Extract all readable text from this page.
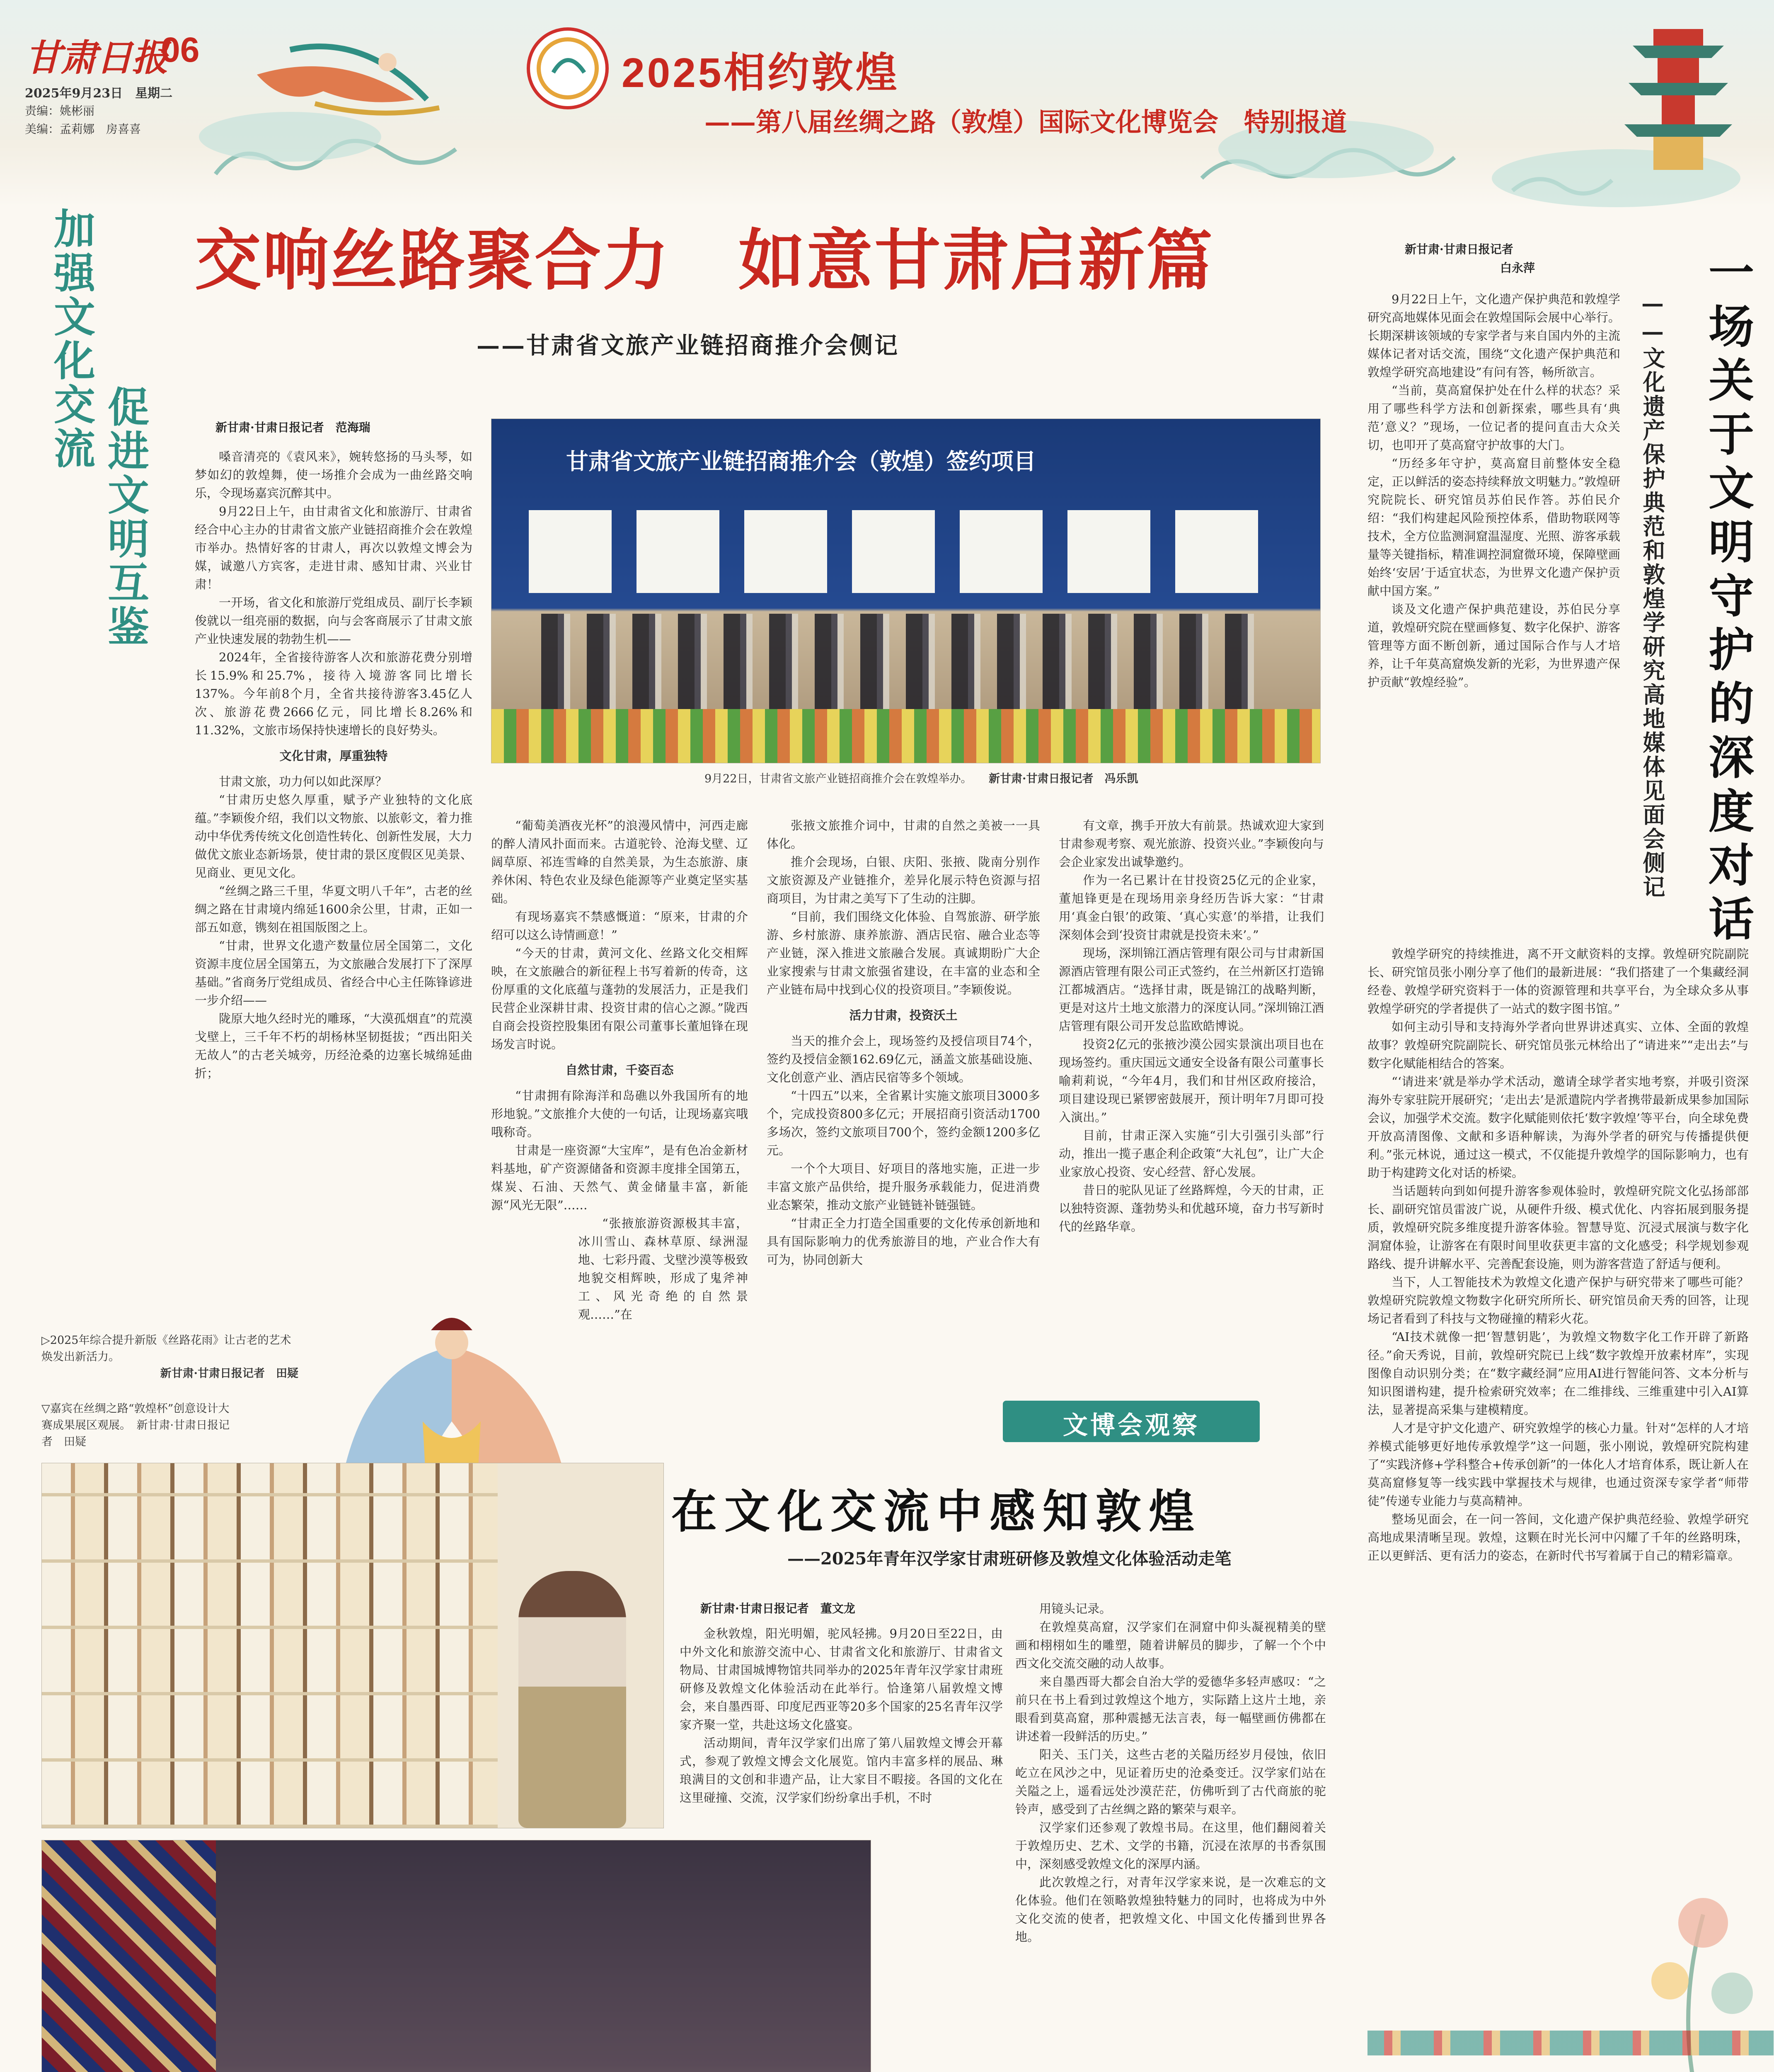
甘肃日报
06
2025年9月23日　 星期二
责编：姚彬丽
美编：孟莉娜　房喜喜
2025相约敦煌
——第八届丝绸之路（敦煌）国际文化博览会　特别报道
加强文化交流
促进文明互鉴
交响丝路聚合力　如意甘肃启新篇
——甘肃省文旅产业链招商推介会侧记
新甘肃·甘肃日报记者　范海瑞

嗓音清亮的《袁风来》，婉转悠扬的马头琴，如梦如幻的敦煌舞，使一场推介会成为一曲丝路交响乐，令现场嘉宾沉醉其中。

9月22日上午，由甘肃省文化和旅游厅、甘肃省经合中心主办的甘肃省文旅产业链招商推介会在敦煌市举办。热情好客的甘肃人，再次以敦煌文博会为媒，诚邀八方宾客，走进甘肃、感知甘肃、兴业甘肃！

一开场，省文化和旅游厅党组成员、副厅长李颖俊就以一组亮丽的数据，向与会客商展示了甘肃文旅产业快速发展的勃勃生机——

2024年，全省接待游客人次和旅游花费分别增长15.9%和25.7%，接待入境游客同比增长137%。今年前8个月，全省共接待游客3.45亿人次、旅游花费2666亿元，同比增长8.26%和11.32%，文旅市场保持快速增长的良好势头。

文化甘肃，厚重独特

甘肃文旅，功力何以如此深厚？

“甘肃历史悠久厚重，赋予产业独特的文化底蕴。”李颖俊介绍，我们以文物旅、以旅彰文，着力推动中华优秀传统文化创造性转化、创新性发展，大力做优文旅业态新场景，使甘肃的景区度假区见美景、见商业、更见文化。

“丝绸之路三千里，华夏文明八千年”，古老的丝绸之路在甘肃境内绵延1600余公里，甘肃，正如一部五如意，镌刻在祖国版图之上。

“甘肃，世界文化遗产数量位居全国第二，文化资源丰度位居全国第五，为文旅融合发展打下了深厚基础。”省商务厅党组成员、省经合中心主任陈锋谚进一步介绍——

陇原大地久经时光的雕琢，“大漠孤烟直”的荒漠戈壁上，三千年不朽的胡杨林坚韧挺拔；“西出阳关无故人”的古老关城旁，历经沧桑的边塞长城绵延曲折；

甘肃省文旅产业链招商推介会（敦煌）签约项目
9月22日，甘肃省文旅产业链招商推介会在敦煌举办。　　 新甘肃·甘肃日报记者　冯乐凯

“葡萄美酒夜光杯”的浪漫风情中，河西走廊的醉人清风扑面而来。古道驼铃、沧海戈壁、辽阔草原、祁连雪峰的自然美景，为生态旅游、康养休闲、特色农业及绿色能源等产业奠定坚实基础。

有现场嘉宾不禁感慨道：“原来，甘肃的介绍可以这么诗情画意！”

“今天的甘肃，黄河文化、丝路文化交相辉映，在文旅融合的新征程上书写着新的传奇，这份厚重的文化底蕴与蓬勃的发展活力，正是我们民营企业深耕甘肃、投资甘肃的信心之源。”陇西自商会投资控股集团有限公司董事长董旭锋在现场发言时说。

自然甘肃，千姿百态

“甘肃拥有除海洋和岛礁以外我国所有的地形地貌。”文旅推介大使的一句话，让现场嘉宾哦哦称奇。

甘肃是一座资源“大宝库”，是有色冶金新材料基地，矿产资源储备和资源丰度排全国第五，煤炭、石油、天然气、黄金储量丰富，新能源“风光无限”……

“张掖旅游资源极其丰富，冰川雪山、森林草原、绿洲湿地、七彩丹霞、戈壁沙漠等极致地貌交相辉映，形成了鬼斧神工、风光奇绝的自然景观……”在

张掖文旅推介词中，甘肃的自然之美被一一具体化。

推介会现场，白银、庆阳、张掖、陇南分别作文旅资源及产业链推介，差异化展示特色资源与招商项目，为甘肃之美写下了生动的注脚。

“目前，我们围绕文化体验、自驾旅游、研学旅游、乡村旅游、康养旅游、酒店民宿、融合业态等产业链，深入推进文旅融合发展。真诚期盼广大企业家搜索与甘肃文旅强省建设，在丰富的业态和全产业链布局中找到心仪的投资项目。”李颖俊说。

活力甘肃，投资沃土

当天的推介会上，现场签约及授信项目74个，签约及授信金额162.69亿元，涵盖文旅基础设施、文化创意产业、酒店民宿等多个领域。

“十四五”以来，全省累计实施文旅项目3000多个，完成投资800多亿元；开展招商引资活动1700多场次，签约文旅项目700个，签约金额1200多亿元。

一个个大项目、好项目的落地实施，正进一步丰富文旅产品供给，提升服务承载能力，促进消费业态繁荣，推动文旅产业链链补链强链。

“甘肃正全力打造全国重要的文化传承创新地和具有国际影响力的优秀旅游目的地，产业合作大有可为，协同创新大

有文章，携手开放大有前景。热诚欢迎大家到甘肃参观考察、观光旅游、投资兴业。”李颖俊向与会企业家发出诚挚邀约。

作为一名已累计在甘投资25亿元的企业家，董旭锋更是在现场用亲身经历告诉大家：“甘肃用‘真金白银’的政策、‘真心实意’的举措，让我们深刻体会到‘投资甘肃就是投资未来’。”

现场，深圳锦江酒店管理有限公司与甘肃新国源酒店管理有限公司正式签约，在兰州新区打造锦江都城酒店。“选择甘肃，既是锦江的战略判断，更是对这片土地文旅潜力的深度认同。”深圳锦江酒店管理有限公司开发总监欧皓博说。

投资2亿元的张掖沙漠公园实景演出项目也在现场签约。重庆国远文通安全设备有限公司董事长喻莉莉说，“今年4月，我们和甘州区政府接洽，项目建设现已紧锣密鼓展开，预计明年7月即可投入演出。”

目前，甘肃正深入实施“引大引强引头部”行动，推出一揽子惠企利企政策“大礼包”，让广大企业家放心投资、安心经营、舒心发展。

昔日的驼队见证了丝路辉煌，今天的甘肃，正以独特资源、蓬勃势头和优越环境，奋力书写新时代的丝路华章。

▷2025年综合提升新版《丝路花雨》让古老的艺术焕发出新活力。
新甘肃·甘肃日报记者　田疑
▽嘉宾在丝绸之路“敦煌杯”创意设计大赛成果展区观展。　新甘肃·甘肃日报记者　田疑
文博会观察
在文化交流中感知敦煌
——2025年青年汉学家甘肃班研修及敦煌文化体验活动走笔
新甘肃·甘肃日报记者　董文龙

金秋敦煌，阳光明媚，驼风轻拂。9月20日至22日，由中外文化和旅游交流中心、甘肃省文化和旅游厅、甘肃省文物局、甘肃国城博物馆共同举办的2025年青年汉学家甘肃班研修及敦煌文化体验活动在此举行。恰逢第八届敦煌文博会，来自墨西哥、印度尼西亚等20多个国家的25名青年汉学家齐聚一堂，共赴这场文化盛宴。

活动期间，青年汉学家们出席了第八届敦煌文博会开幕式，参观了敦煌文博会文化展览。馆内丰富多样的展品、琳琅满目的文创和非遗产品，让大家目不暇接。各国的文化在这里碰撞、交流，汉学家们纷纷拿出手机，不时

用镜头记录。

在敦煌莫高窟，汉学家们在洞窟中仰头凝视精美的壁画和栩栩如生的雕塑，随着讲解员的脚步，了解一个个中西文化交流交融的动人故事。

来自墨西哥大都会自治大学的爱德华多轻声感叹：“之前只在书上看到过敦煌这个地方，实际踏上这片土地，亲眼看到莫高窟，那种震撼无法言表，每一幅壁画仿佛都在讲述着一段鲜活的历史。”

阳关、玉门关，这些古老的关隘历经岁月侵蚀，依旧屹立在风沙之中，见证着历史的沧桑变迁。汉学家们站在关隘之上，遥看远处沙漠茫茫，仿佛听到了古代商旅的驼铃声，感受到了古丝绸之路的繁荣与艰辛。

汉学家们还参观了敦煌书局。在这里，他们翻阅着关于敦煌历史、艺术、文学的书籍，沉浸在浓厚的书香氛围中，深刻感受敦煌文化的深厚内涵。

此次敦煌之行，对青年汉学家来说，是一次难忘的文化体验。他们在领略敦煌独特魅力的同时，也将成为中外文化交流的使者，把敦煌文化、中国文化传播到世界各地。

新甘肃·甘肃日报记者
白永萍	一场关于文明守护的深度对话
——文化遗产保护典范和敦煌学研究高地媒体见面会侧记

9月22日上午，文化遗产保护典范和敦煌学研究高地媒体见面会在敦煌国际会展中心举行。长期深耕该领域的专家学者与来自国内外的主流媒体记者对话交流，围绕“文化遗产保护典范和敦煌学研究高地建设”有问有答，畅所欲言。

“当前，莫高窟保护处在什么样的状态？采用了哪些科学方法和创新探索，哪些具有‘典范’意义？”现场，一位记者的提问直击大众关切，也叩开了莫高窟守护故事的大门。

“历经多年守护，莫高窟目前整体安全稳定，正以鲜活的姿态持续释放文明魅力。”敦煌研究院院长、研究馆员苏伯民作答。苏伯民介绍：“我们构建起风险预控体系，借助物联网等技术，全方位监测洞窟温湿度、光照、游客承载量等关键指标，精准调控洞窟微环境，保障壁画始终‘安居’于适宜状态，为世界文化遗产保护贡献中国方案。”

谈及文化遗产保护典范建设，苏伯民分享道，敦煌研究院在壁画修复、数字化保护、游客管理等方面不断创新，通过国际合作与人才培养，让千年莫高窟焕发新的光彩，为世界遗产保护贡献“敦煌经验”。

敦煌学研究的持续推进，离不开文献资料的支撑。敦煌研究院副院长、研究馆员张小刚分享了他们的最新进展：“我们搭建了一个集藏经洞经卷、敦煌学研究资料于一体的资源管理和共享平台，为全球众多从事敦煌学研究的学者提供了一站式的数字图书馆。”

如何主动引导和支持海外学者向世界讲述真实、立体、全面的敦煌故事？敦煌研究院副院长、研究馆员张元林给出了“请进来”“走出去”与数字化赋能相结合的答案。

“‘请进来’就是举办学术活动，邀请全球学者实地考察，并吸引资深海外专家驻院开展研究；‘走出去’是派遣院内学者携带最新成果参加国际会议，加强学术交流。数字化赋能则依托‘数字敦煌’等平台，向全球免费开放高清图像、文献和多语种解读，为海外学者的研究与传播提供便利。”张元林说，通过这一模式，不仅能提升敦煌学的国际影响力，也有助于构建跨文化对话的桥梁。

当话题转向到如何提升游客参观体验时，敦煌研究院文化弘扬部部长、副研究馆员雷波广说，从硬件升级、模式优化、内容拓展到服务提质，敦煌研究院多维度提升游客体验。智慧导览、沉浸式展演与数字化洞窟体验，让游客在有限时间里收获更丰富的文化感受；科学规划参观路线、提升讲解水平、完善配套设施，则为游客营造了舒适与便利。

当下，人工智能技术为敦煌文化遗产保护与研究带来了哪些可能？敦煌研究院敦煌文物数字化研究所所长、研究馆员俞天秀的回答，让现场记者看到了科技与文物碰撞的精彩火花。

“AI技术就像一把‘智慧钥匙’，为敦煌文物数字化工作开辟了新路径。”俞天秀说，目前，敦煌研究院已上线“数字敦煌开放素材库”，实现图像自动识别分类；在“数字藏经洞”应用AI进行智能问答、文本分析与知识图谱构建，提升检索研究效率；在二维排线、三维重建中引入AI算法，显著提高采集与建模精度。

人才是守护文化遗产、研究敦煌学的核心力量。针对“怎样的人才培养模式能够更好地传承敦煌学”这一问题，张小刚说，敦煌研究院构建了“实践济修+学科整合+传承创新”的一体化人才培育体系，既让新人在莫高窟修复等一线实践中掌握技术与规律，也通过资深专家学者“师带徒”传递专业能力与莫高精神。

整场见面会，在一问一答间，文化遗产保护典范经验、敦煌学研究高地成果清晰呈现。敦煌，这颗在时光长河中闪耀了千年的丝路明珠，正以更鲜活、更有活力的姿态，在新时代书写着属于自己的精彩篇章。
